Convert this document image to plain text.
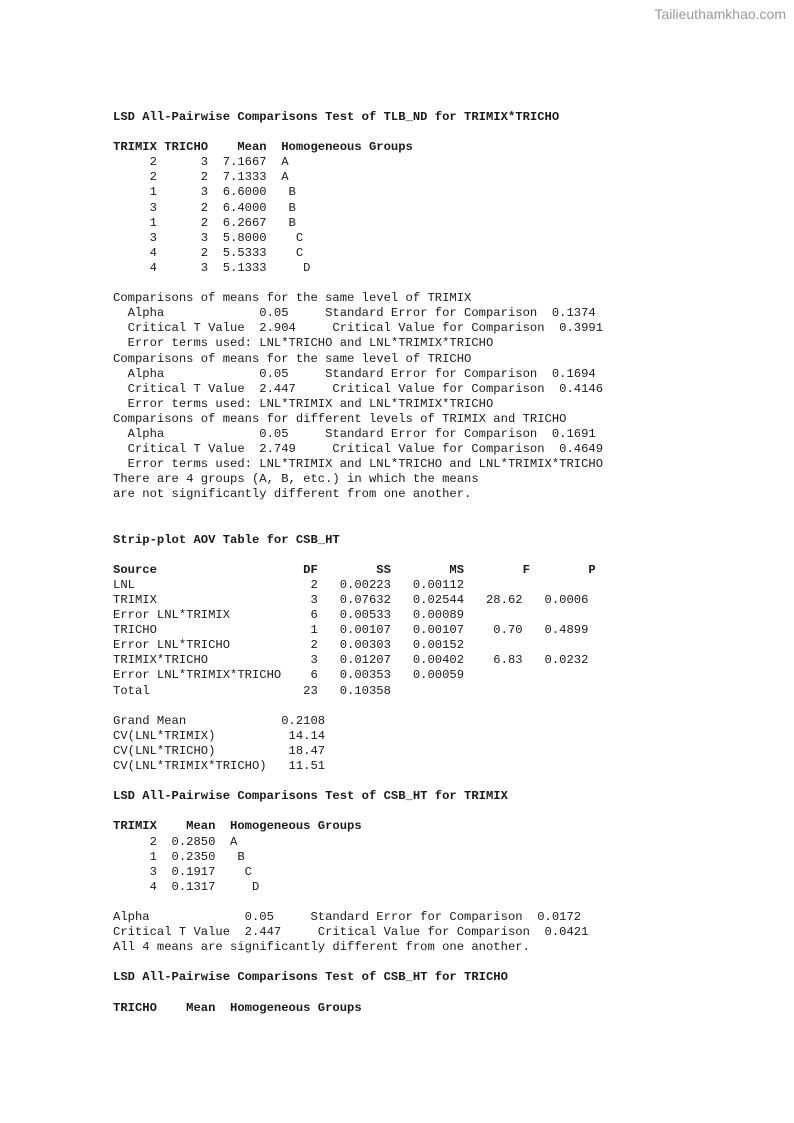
Tailieuthamkhao.com
LSD All-Pairwise Comparisons Test of TLB_ND for TRIMIX*TRICHO
TRIMIX TRICHO    Mean  Homogeneous Groups
2      3  7.1667  A
2      2  7.1333  A
1      3  6.6000   B
3      2  6.4000   B
1      2  6.2667   B
3      3  5.8000    C
4      2  5.5333    C
4      3  5.1333     D
Comparisons of means for the same level of TRIMIX
Alpha             0.05     Standard Error for Comparison  0.1374
Critical T Value  2.904     Critical Value for Comparison  0.3991
Error terms used: LNL*TRICHO and LNL*TRIMIX*TRICHO
Comparisons of means for the same level of TRICHO
Alpha             0.05     Standard Error for Comparison  0.1694
Critical T Value  2.447     Critical Value for Comparison  0.4146
Error terms used: LNL*TRIMIX and LNL*TRIMIX*TRICHO
Comparisons of means for different levels of TRIMIX and TRICHO
Alpha             0.05     Standard Error for Comparison  0.1691
Critical T Value  2.749     Critical Value for Comparison  0.4649
Error terms used: LNL*TRIMIX and LNL*TRICHO and LNL*TRIMIX*TRICHO
There are 4 groups (A, B, etc.) in which the means
are not significantly different from one another.
Strip-plot AOV Table for CSB_HT
Source                    DF        SS        MS        F        P
LNL                        2   0.00223   0.00112
TRIMIX                     3   0.07632   0.02544   28.62   0.0006
Error LNL*TRIMIX           6   0.00533   0.00089
TRICHO                     1   0.00107   0.00107    0.70   0.4899
Error LNL*TRICHO           2   0.00303   0.00152
TRIMIX*TRICHO              3   0.01207   0.00402    6.83   0.0232
Error LNL*TRIMIX*TRICHO    6   0.00353   0.00059
Total                     23   0.10358
Grand Mean             0.2108
CV(LNL*TRIMIX)          14.14
CV(LNL*TRICHO)          18.47
CV(LNL*TRIMIX*TRICHO)   11.51
LSD All-Pairwise Comparisons Test of CSB_HT for TRIMIX
TRIMIX    Mean  Homogeneous Groups
2  0.2850  A
1  0.2350   B
3  0.1917    C
4  0.1317     D
Alpha             0.05     Standard Error for Comparison  0.0172
Critical T Value  2.447     Critical Value for Comparison  0.0421
All 4 means are significantly different from one another.
LSD All-Pairwise Comparisons Test of CSB_HT for TRICHO
TRICHO    Mean  Homogeneous Groups
